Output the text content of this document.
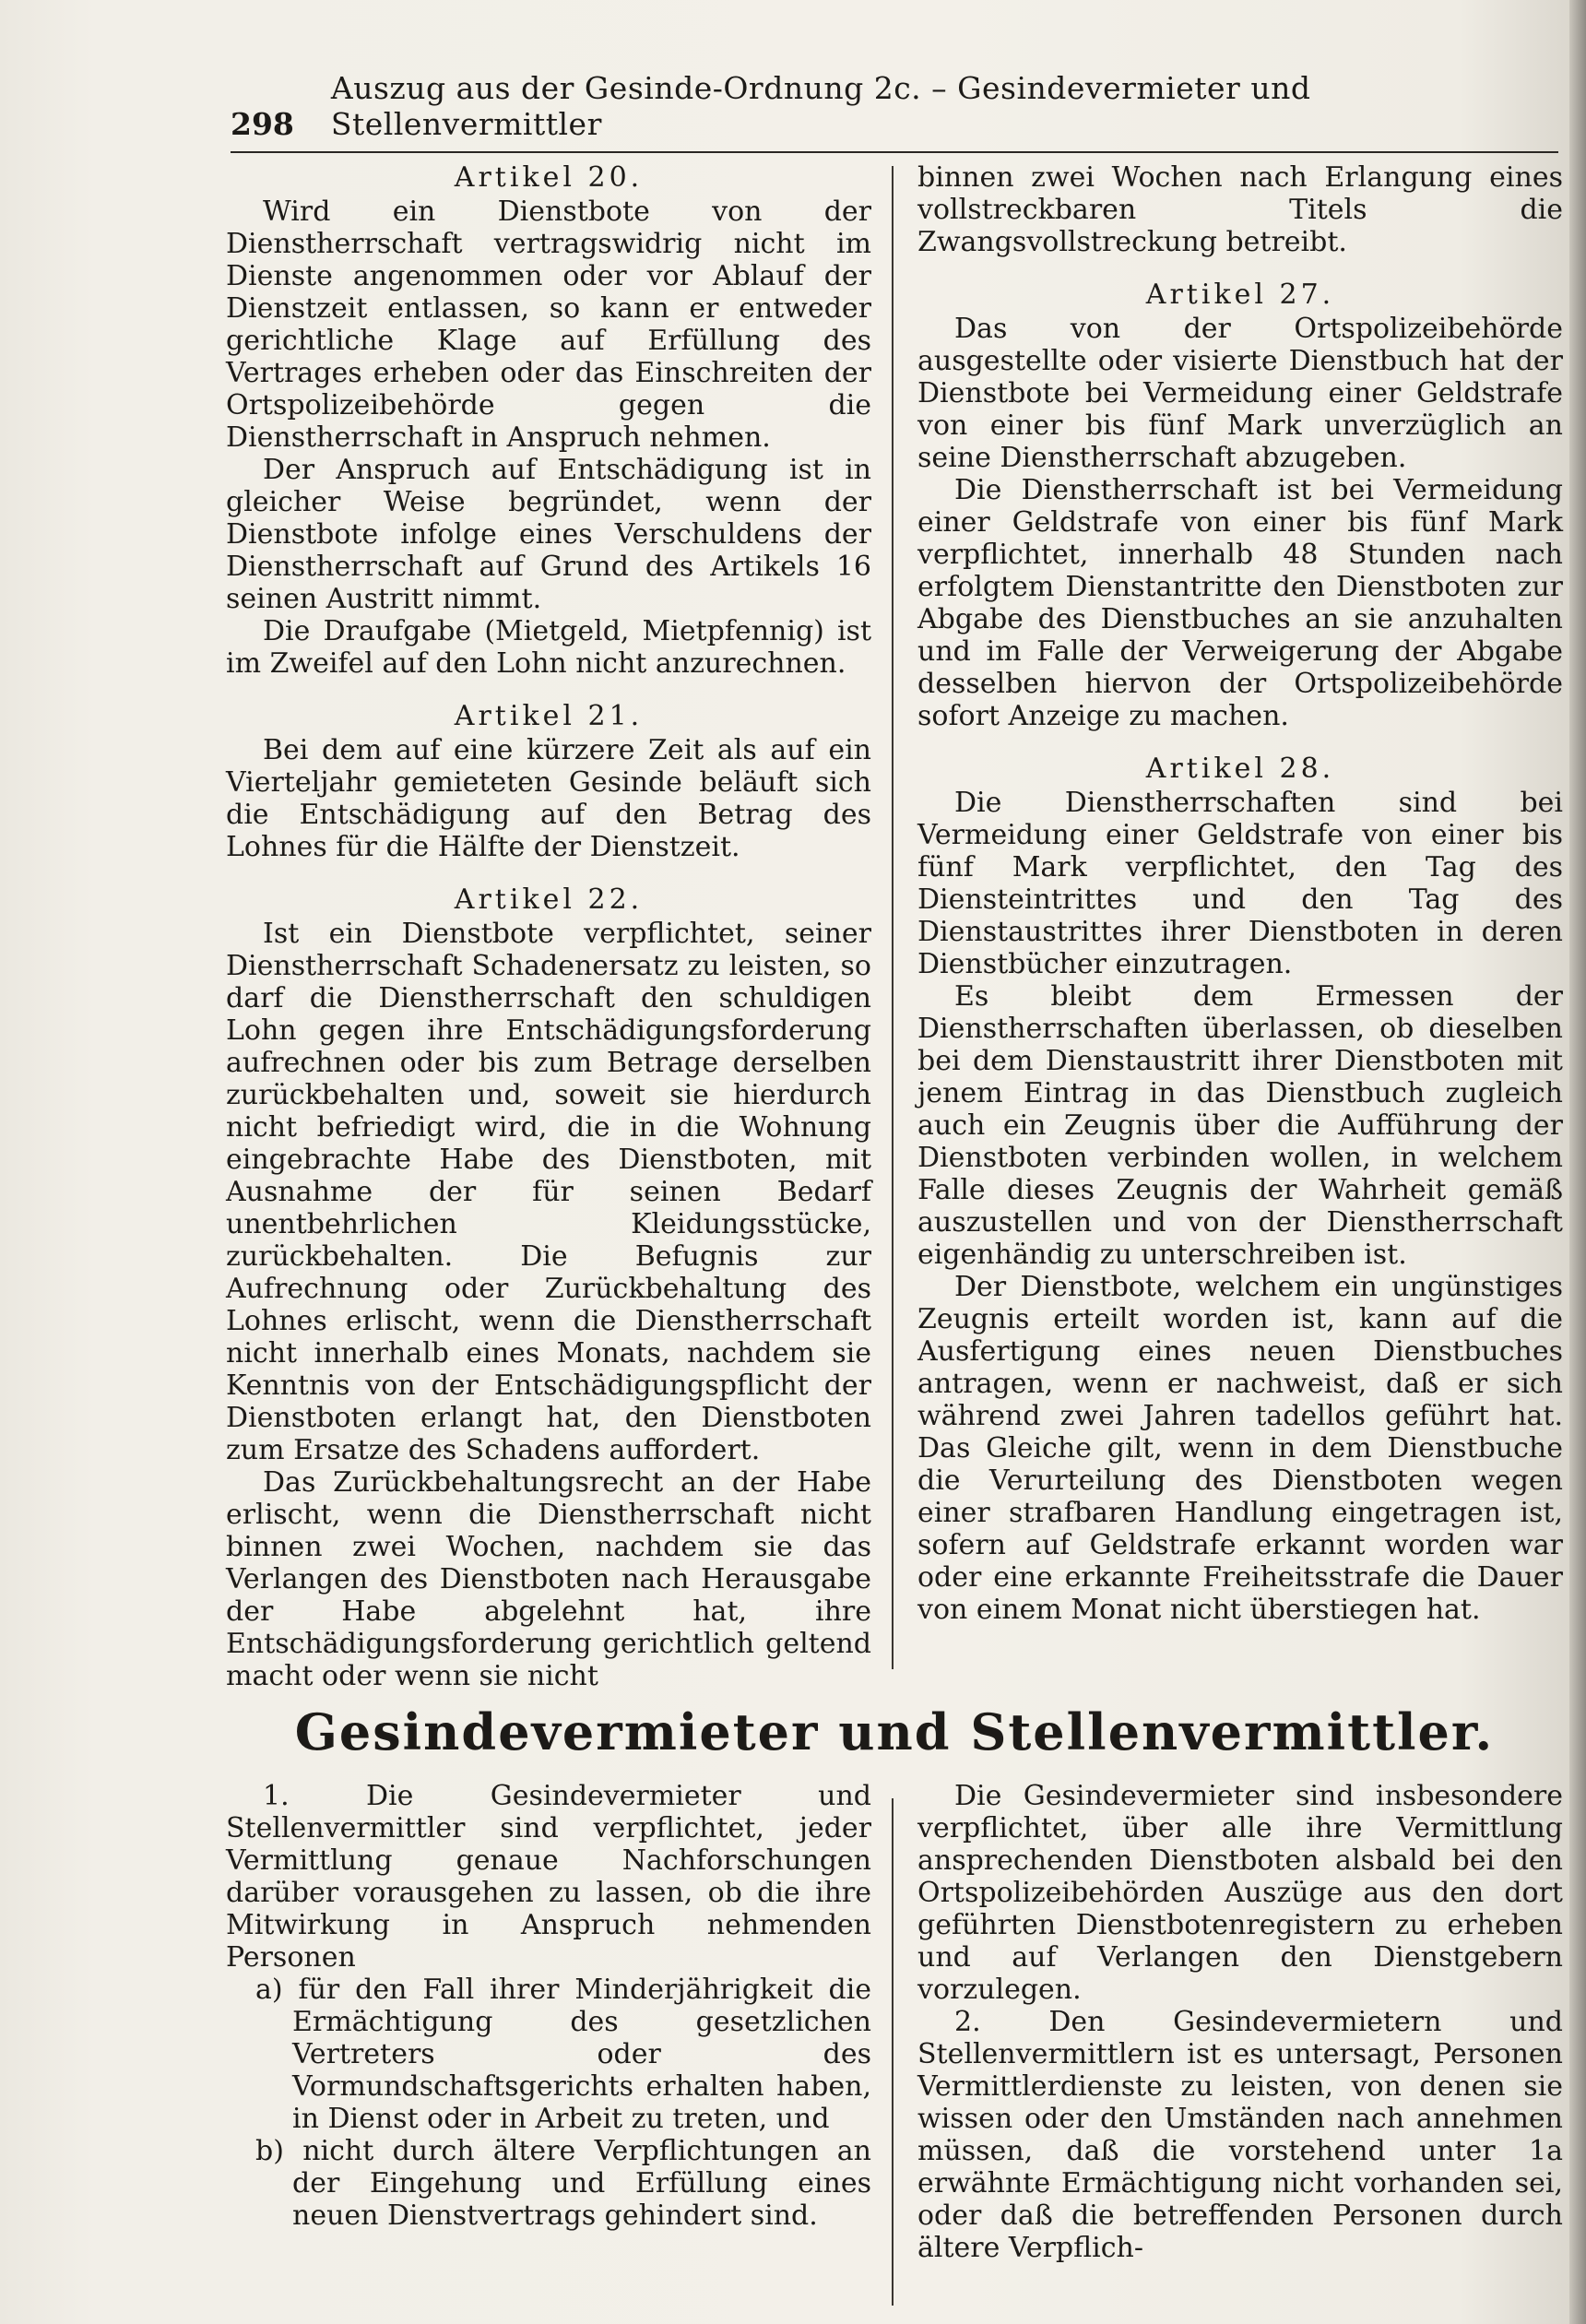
298
Auszug aus der Gesinde-Ordnung 2c. – Gesindevermieter und Stellenvermittler
Artikel 20.

Wird ein Dienstbote von der Dienstherrschaft vertragswidrig nicht im Dienste angenommen oder vor Ablauf der Dienstzeit entlassen, so kann er entweder gerichtliche Klage auf Erfüllung des Vertrages erheben oder das Einschreiten der Ortspolizeibehörde gegen die Dienstherrschaft in Anspruch nehmen.

Der Anspruch auf Entschädigung ist in gleicher Weise begründet, wenn der Dienstbote infolge eines Verschuldens der Dienstherrschaft auf Grund des Artikels 16 seinen Austritt nimmt.

Die Draufgabe (Mietgeld, Mietpfennig) ist im Zweifel auf den Lohn nicht anzurechnen.

Artikel 21.

Bei dem auf eine kürzere Zeit als auf ein Vierteljahr gemieteten Gesinde beläuft sich die Entschädigung auf den Betrag des Lohnes für die Hälfte der Dienstzeit.

Artikel 22.

Ist ein Dienstbote verpflichtet, seiner Dienstherrschaft Schadenersatz zu leisten, so darf die Dienstherrschaft den schuldigen Lohn gegen ihre Entschädigungsforderung aufrechnen oder bis zum Betrage derselben zurückbehalten und, soweit sie hierdurch nicht befriedigt wird, die in die Wohnung eingebrachte Habe des Dienstboten, mit Ausnahme der für seinen Bedarf unentbehrlichen Kleidungsstücke, zurückbehalten. Die Befugnis zur Aufrechnung oder Zurückbehaltung des Lohnes erlischt, wenn die Dienstherrschaft nicht innerhalb eines Monats, nachdem sie Kenntnis von der Entschädigungspflicht der Dienstboten erlangt hat, den Dienstboten zum Ersatze des Schadens auffordert.

Das Zurückbehaltungsrecht an der Habe erlischt, wenn die Dienstherrschaft nicht binnen zwei Wochen, nachdem sie das Verlangen des Dienstboten nach Herausgabe der Habe abgelehnt hat, ihre Entschädigungsforderung gerichtlich geltend macht oder wenn sie nicht

binnen zwei Wochen nach Erlangung eines vollstreckbaren Titels die Zwangsvollstreckung betreibt.

Artikel 27.

Das von der Ortspolizeibehörde ausgestellte oder visierte Dienstbuch hat der Dienstbote bei Vermeidung einer Geldstrafe von einer bis fünf Mark unverzüglich an seine Dienstherrschaft abzugeben.

Die Dienstherrschaft ist bei Vermeidung einer Geldstrafe von einer bis fünf Mark verpflichtet, innerhalb 48 Stunden nach erfolgtem Dienstantritte den Dienstboten zur Abgabe des Dienstbuches an sie anzuhalten und im Falle der Verweigerung der Abgabe desselben hiervon der Ortspolizeibehörde sofort Anzeige zu machen.

Artikel 28.

Die Dienstherrschaften sind bei Vermeidung einer Geldstrafe von einer bis fünf Mark verpflichtet, den Tag des Diensteintrittes und den Tag des Dienstaustrittes ihrer Dienstboten in deren Dienstbücher einzutragen.

Es bleibt dem Ermessen der Dienstherrschaften überlassen, ob dieselben bei dem Dienstaustritt ihrer Dienstboten mit jenem Eintrag in das Dienstbuch zugleich auch ein Zeugnis über die Aufführung der Dienstboten verbinden wollen, in welchem Falle dieses Zeugnis der Wahrheit gemäß auszustellen und von der Dienstherrschaft eigenhändig zu unterschreiben ist.

Der Dienstbote, welchem ein ungünstiges Zeugnis erteilt worden ist, kann auf die Ausfertigung eines neuen Dienstbuches antragen, wenn er nachweist, daß er sich während zwei Jahren tadellos geführt hat. Das Gleiche gilt, wenn in dem Dienstbuche die Verurteilung des Dienstboten wegen einer strafbaren Handlung eingetragen ist, sofern auf Geldstrafe erkannt worden war oder eine erkannte Freiheitsstrafe die Dauer von einem Monat nicht überstiegen hat.

Gesindevermieter und Stellenvermittler.

1. Die Gesindevermieter und Stellenvermittler sind verpflichtet, jeder Vermittlung genaue Nachforschungen darüber vorausgehen zu lassen, ob die ihre Mitwirkung in Anspruch nehmenden Personen

a) für den Fall ihrer Minderjährigkeit die Ermächtigung des gesetzlichen Vertreters oder des Vormundschaftsgerichts erhalten haben, in Dienst oder in Arbeit zu treten, und

b) nicht durch ältere Verpflichtungen an der Eingehung und Erfüllung eines neuen Dienstvertrags gehindert sind.

Die Gesindevermieter sind insbesondere verpflichtet, über alle ihre Vermittlung ansprechenden Dienstboten alsbald bei den Ortspolizeibehörden Auszüge aus den dort geführten Dienstbotenregistern zu erheben und auf Verlangen den Dienstgebern vorzulegen.

2. Den Gesindevermietern und Stellenvermittlern ist es untersagt, Personen Vermittlerdienste zu leisten, von denen sie wissen oder den Umständen nach annehmen müssen, daß die vorstehend unter 1a erwähnte Ermächtigung nicht vorhanden sei, oder daß die betreffenden Personen durch ältere Verpflich-
